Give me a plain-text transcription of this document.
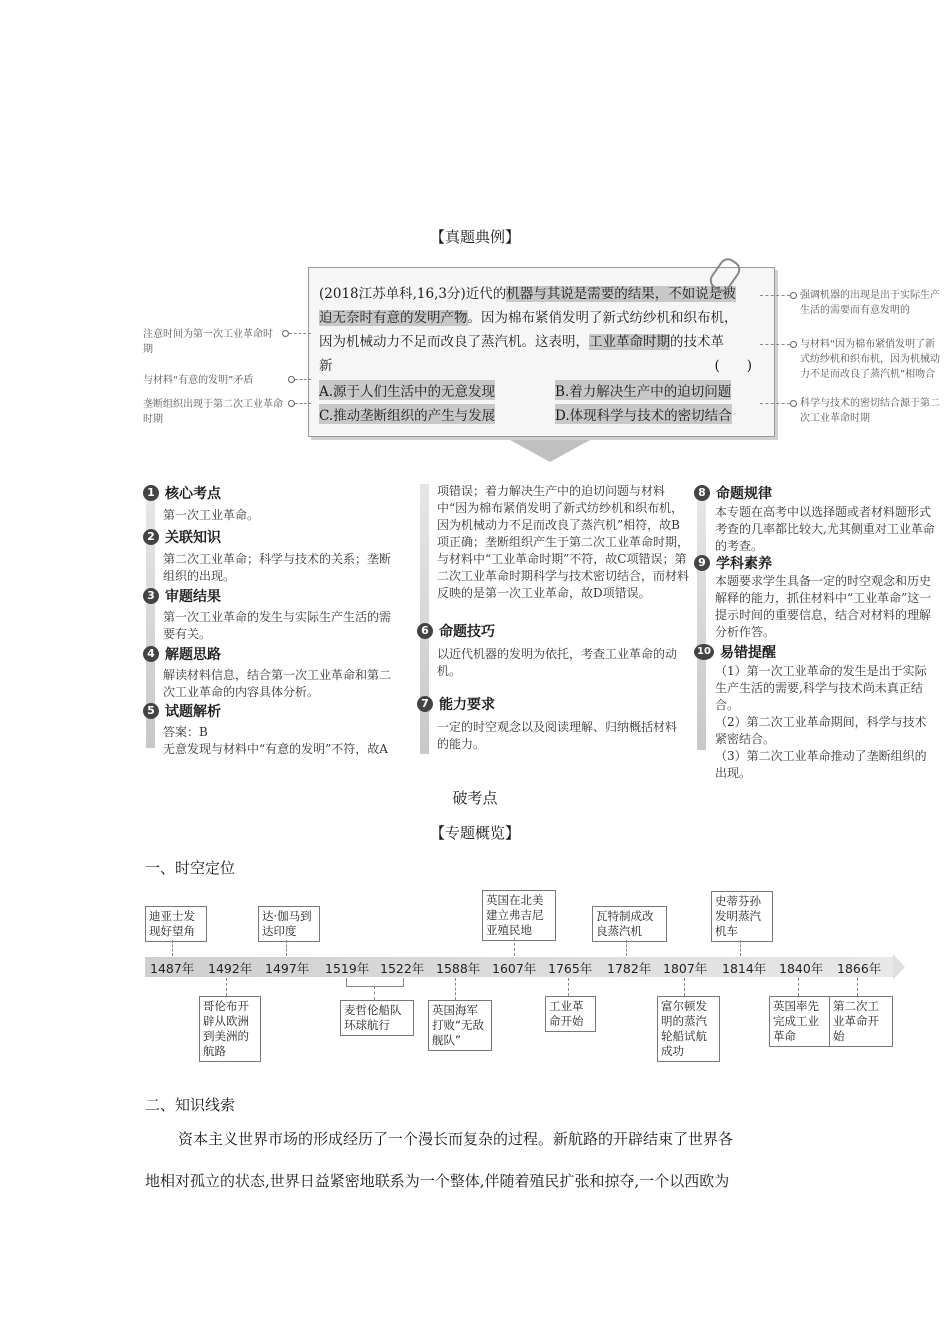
【真题典例】
(2018江苏单科,16,3分)近代的机器与其说是需要的结果，不如说是被
迫无奈时有意的发明产物。因为棉布紧俏发明了新式纺纱机和织布机，
因为机械动力不足而改良了蒸汽机。这表明，工业革命时期的技术革
新	(　　)
A.源于人们生活中的无意发现	B.着力解决生产中的迫切问题
C.推动垄断组织的产生与发展	D.体现科学与技术的密切结合
注意时间为第一次工业革命时期
与材料“有意的发明”矛盾
垄断组织出现于第二次工业革命时期
强调机器的出现是出于实际生产生活的需要而有意发明的
与材料“因为棉布紧俏发明了新式纺纱机和织布机，因为机械动力不足而改良了蒸汽机”相吻合
科学与技术的密切结合源于第二次工业革命时期
1 核心考点
第一次工业革命。
2 关联知识
第二次工业革命；科学与技术的关系；垄断组织的出现。
3 审题结果
第一次工业革命的发生与实际生产生活的需要有关。
4 解题思路
解读材料信息，结合第一次工业革命和第二次工业革命的内容具体分析。
5 试题解析
答案：B
无意发现与材料中“有意的发明”不符，故A
项错误；着力解决生产中的迫切问题与材料中“因为棉布紧俏发明了新式纺纱机和织布机，因为机械动力不足而改良了蒸汽机”相符，故B项正确；垄断组织产生于第二次工业革命时期，与材料中“工业革命时期”不符，故C项错误；第二次工业革命时期科学与技术密切结合，而材料反映的是第一次工业革命，故D项错误。
6 命题技巧
以近代机器的发明为依托，考查工业革命的动机。
7 能力要求
一定的时空观念以及阅读理解、归纳概括材料的能力。
8 命题规律
本专题在高考中以选择题或者材料题形式考查的几率都比较大,尤其侧重对工业革命的考查。
9 学科素养
本题要求学生具备一定的时空观念和历史解释的能力，抓住材料中“工业革命”这一提示时间的重要信息，结合对材料的理解分析作答。
10 易错提醒
（1）第一次工业革命的发生是出于实际生产生活的需要,科学与技术尚未真正结合。
（2）第二次工业革命期间，科学与技术紧密结合。
（3）第二次工业革命推动了垄断组织的出现。
破考点
【专题概览】
一、时空定位
1487年 1492年 1497年 1519年 1522年 1588年 1607年 1765年 1782年 1807年 1814年 1840年 1866年
迪亚士发现好望角
达·伽马到达印度
英国在北美建立弗吉尼亚殖民地
瓦特制成改良蒸汽机
史蒂芬孙发明蒸汽机车
哥伦布开辟从欧洲到美洲的航路
麦哲伦船队环球航行
英国海军打败“无敌舰队”
工业革命开始
富尔顿发明的蒸汽轮船试航成功
英国率先完成工业革命
第二次工业革命开始
二、知识线索
资本主义世界市场的形成经历了一个漫长而复杂的过程。新航路的开辟结束了世界各
地相对孤立的状态,世界日益紧密地联系为一个整体,伴随着殖民扩张和掠夺,一个以西欧为
